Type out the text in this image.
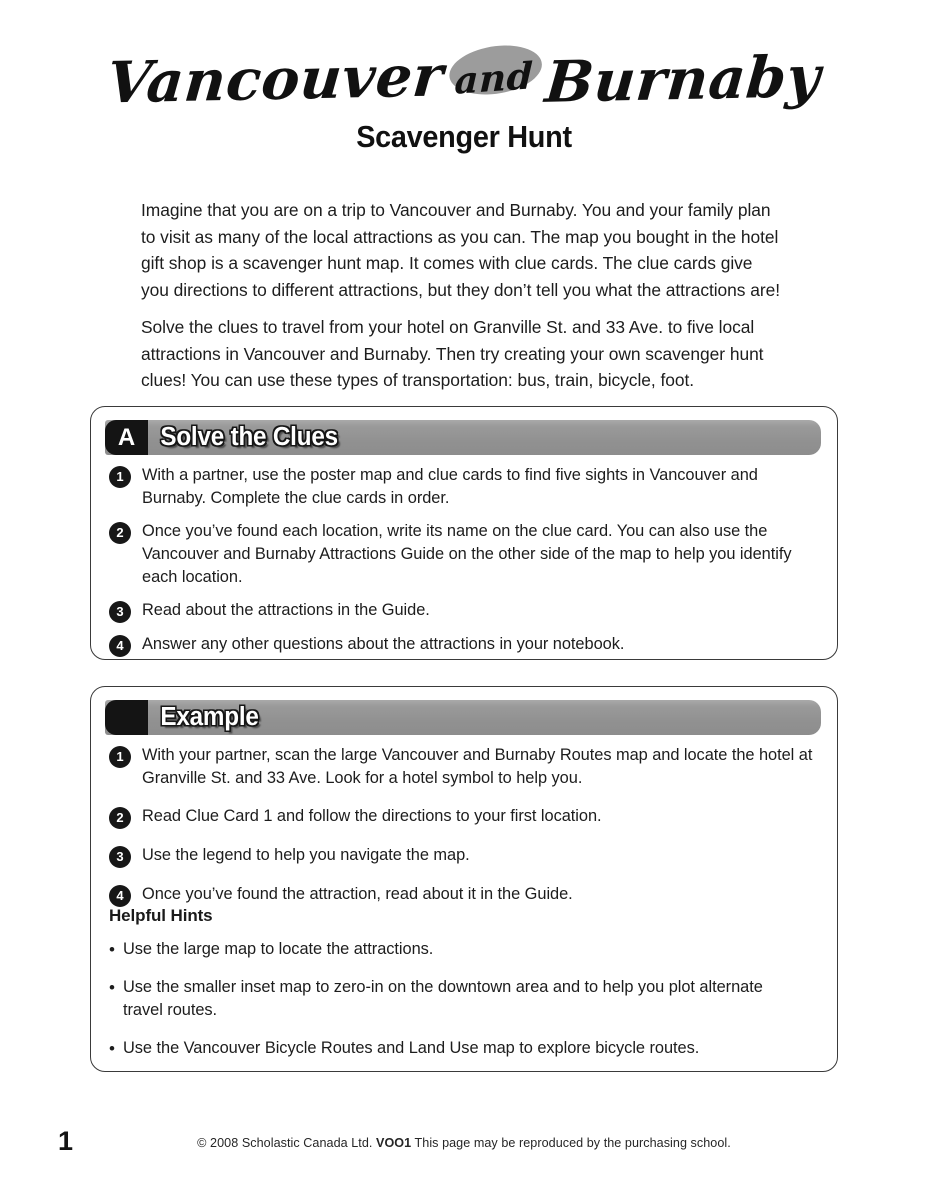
Vancouver and Burnaby
Scavenger Hunt

Imagine that you are on a trip to Vancouver and Burnaby. You and your family plan to visit as many of the local attractions as you can. The map you bought in the hotel gift shop is a scavenger hunt map. It comes with clue cards. The clue cards give you directions to different attractions, but they don’t tell you what the attractions are!

Solve the clues to travel from your hotel on Granville St. and 33 Ave. to five local attractions in Vancouver and Burnaby. Then try creating your own scavenger hunt clues! You can use these types of transportation: bus, train, bicycle, foot.

A Solve the Clues
1	With a partner, use the poster map and clue cards to find five sights in Vancouver and Burnaby. Complete the clue cards in order.
2	Once you’ve found each location, write its name on the clue card. You can also use the Vancouver and Burnaby Attractions Guide on the other side of the map to help you identify each location.
3	Read about the attractions in the Guide.
4	Answer any other questions about the attractions in your notebook.
Example
1	With your partner, scan the large Vancouver and Burnaby Routes map and locate the hotel at Granville St. and 33 Ave. Look for a hotel symbol to help you.
2	Read Clue Card 1 and follow the directions to your first location.
3	Use the legend to help you navigate the map.
4	Once you’ve found the attraction, read about it in the Guide.
Helpful Hints
• Use the large map to locate the attractions.
• Use the smaller inset map to zero-in on the downtown area and to help you plot alternate travel routes.
• Use the Vancouver Bicycle Routes and Land Use map to explore bicycle routes.
1	© 2008 Scholastic Canada Ltd. VOO1 This page may be reproduced by the purchasing school.
